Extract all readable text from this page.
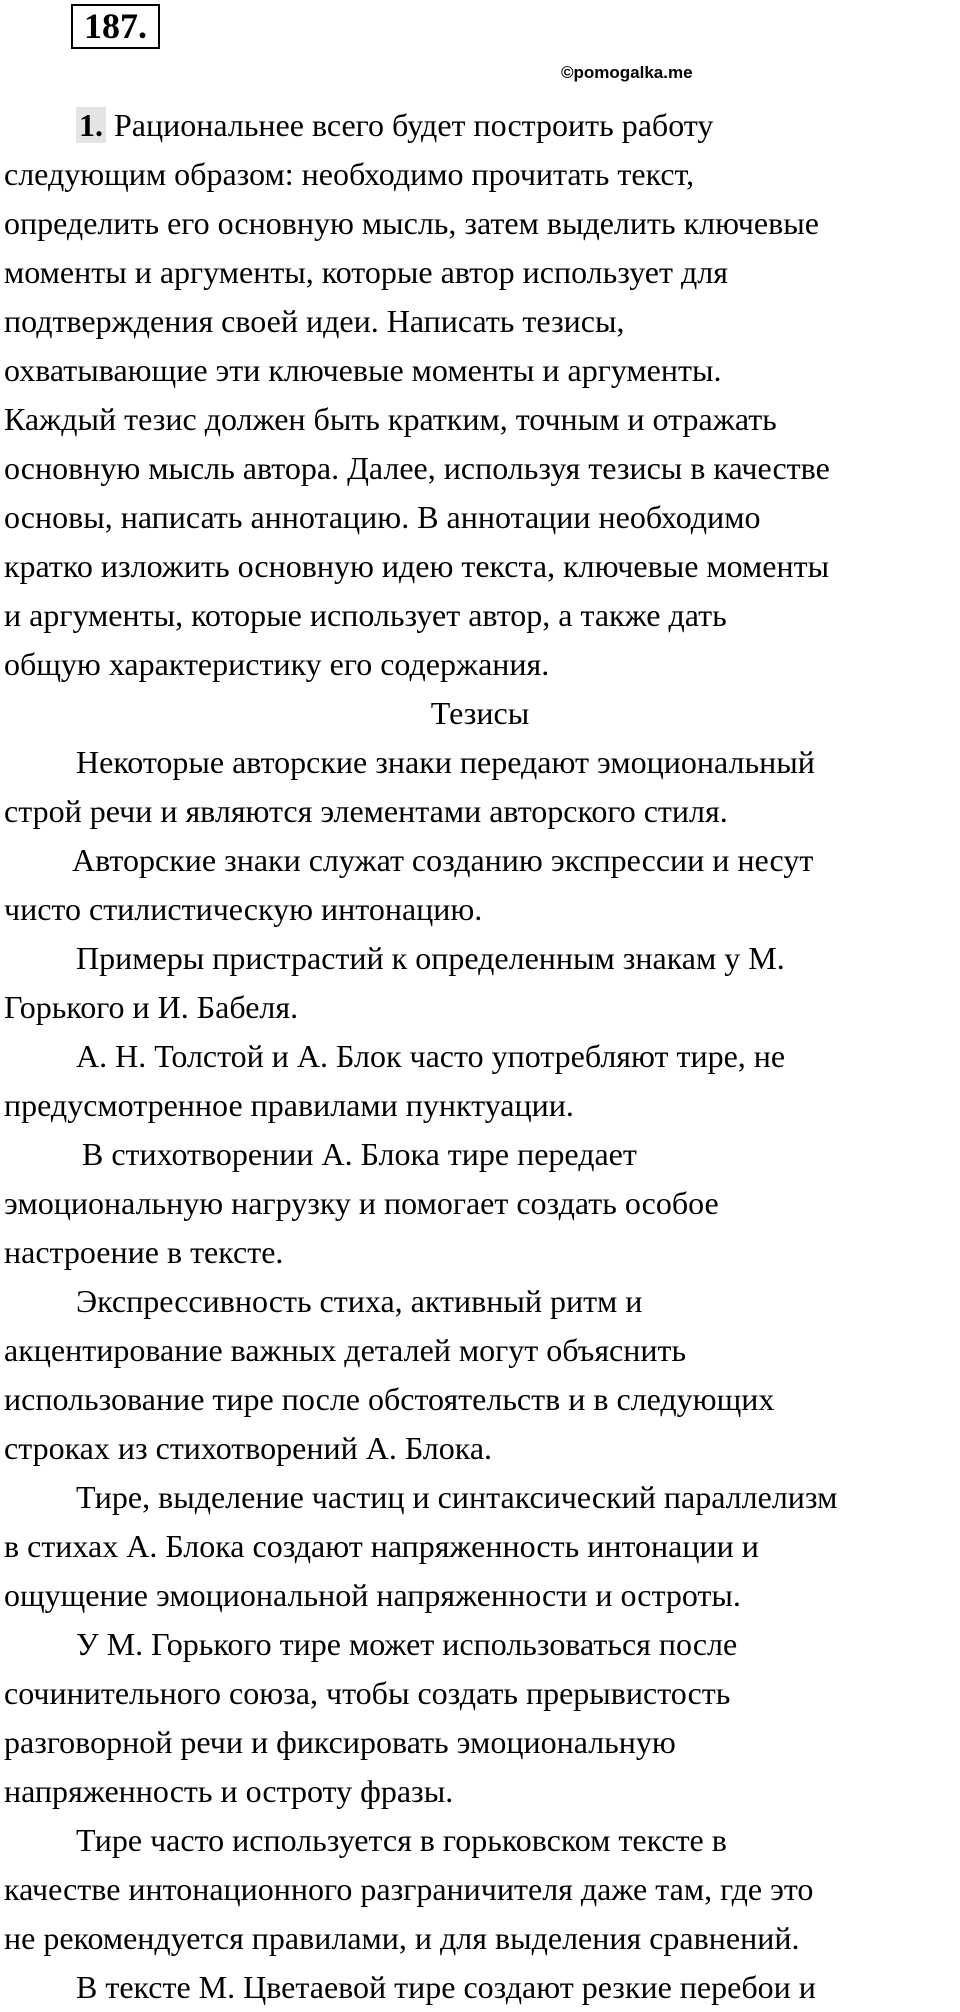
187.
©pomogalka.me
1. Рациональнее всего будет построить работу
следующим образом: необходимо прочитать текст,
определить его основную мысль, затем выделить ключевые
моменты и аргументы, которые автор использует для
подтверждения своей идеи. Написать тезисы,
охватывающие эти ключевые моменты и аргументы.
Каждый тезис должен быть кратким, точным и отражать
основную мысль автора. Далее, используя тезисы в качестве
основы, написать аннотацию. В аннотации необходимо
кратко изложить основную идею текста, ключевые моменты
и аргументы, которые использует автор, а также дать
общую характеристику его содержания.
Тезисы
Некоторые авторские знаки передают эмоциональный
строй речи и являются элементами авторского стиля.
Авторские знаки служат созданию экспрессии и несут
чисто стилистическую интонацию.
Примеры пристрастий к определенным знакам у М.
Горького и И. Бабеля.
А. Н. Толстой и А. Блок часто употребляют тире, не
предусмотренное правилами пунктуации.
В стихотворении А. Блока тире передает
эмоциональную нагрузку и помогает создать особое
настроение в тексте.
Экспрессивность стиха, активный ритм и
акцентирование важных деталей могут объяснить
использование тире после обстоятельств и в следующих
строках из стихотворений А. Блока.
Тире, выделение частиц и синтаксический параллелизм
в стихах А. Блока создают напряженность интонации и
ощущение эмоциональной напряженности и остроты.
У М. Горького тире может использоваться после
сочинительного союза, чтобы создать прерывистость
разговорной речи и фиксировать эмоциональную
напряженность и остроту фразы.
Тире часто используется в горьковском тексте в
качестве интонационного разграничителя даже там, где это
не рекомендуется правилами, и для выделения сравнений.
В тексте М. Цветаевой тире создают резкие перебои и
